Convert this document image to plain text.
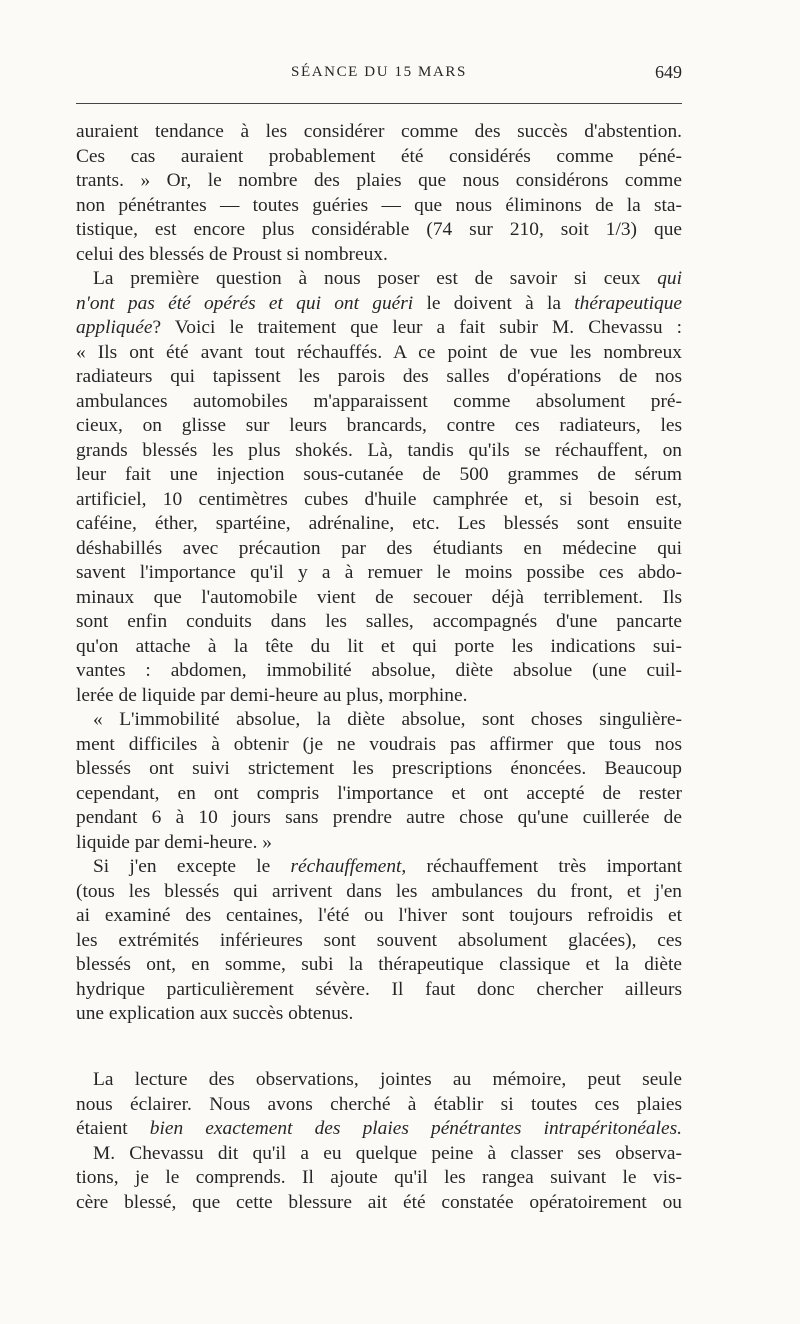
SÉANCE DU 15 MARS	649

auraient tendance à les considérer comme des succès d'abstention.

Ces cas auraient probablement été considérés comme péné-

trants. » Or, le nombre des plaies que nous considérons comme

non pénétrantes — toutes guéries — que nous éliminons de la sta-

tistique, est encore plus considérable (74 sur 210, soit 1/3) que

celui des blessés de Proust si nombreux.

La première question à nous poser est de savoir si ceux qui

n'ont pas été opérés et qui ont guéri le doivent à la thérapeutique

appliquée? Voici le traitement que leur a fait subir M. Chevassu :

« Ils ont été avant tout réchauffés. A ce point de vue les nombreux

radiateurs qui tapissent les parois des salles d'opérations de nos

ambulances automobiles m'apparaissent comme absolument pré-

cieux, on glisse sur leurs brancards, contre ces radiateurs, les

grands blessés les plus shokés. Là, tandis qu'ils se réchauffent, on

leur fait une injection sous-cutanée de 500 grammes de sérum

artificiel, 10 centimètres cubes d'huile camphrée et, si besoin est,

caféine, éther, spartéine, adrénaline, etc. Les blessés sont ensuite

déshabillés avec précaution par des étudiants en médecine qui

savent l'importance qu'il y a à remuer le moins possibe ces abdo-

minaux que l'automobile vient de secouer déjà terriblement. Ils

sont enfin conduits dans les salles, accompagnés d'une pancarte

qu'on attache à la tête du lit et qui porte les indications sui-

vantes : abdomen, immobilité absolue, diète absolue (une cuil-

lerée de liquide par demi-heure au plus, morphine.

« L'immobilité absolue, la diète absolue, sont choses singulière-

ment difficiles à obtenir (je ne voudrais pas affirmer que tous nos

blessés ont suivi strictement les prescriptions énoncées. Beaucoup

cependant, en ont compris l'importance et ont accepté de rester

pendant 6 à 10 jours sans prendre autre chose qu'une cuillerée de

liquide par demi-heure. »

Si j'en excepte le réchauffement, réchauffement très important

(tous les blessés qui arrivent dans les ambulances du front, et j'en

ai examiné des centaines, l'été ou l'hiver sont toujours refroidis et

les extrémités inférieures sont souvent absolument glacées), ces

blessés ont, en somme, subi la thérapeutique classique et la diète

hydrique particulièrement sévère. Il faut donc chercher ailleurs

une explication aux succès obtenus.

La lecture des observations, jointes au mémoire, peut seule

nous éclairer. Nous avons cherché à établir si toutes ces plaies

étaient bien exactement des plaies pénétrantes intrapéritonéales.

M. Chevassu dit qu'il a eu quelque peine à classer ses observa-

tions, je le comprends. Il ajoute qu'il les rangea suivant le vis-

cère blessé, que cette blessure ait été constatée opératoirement ou
